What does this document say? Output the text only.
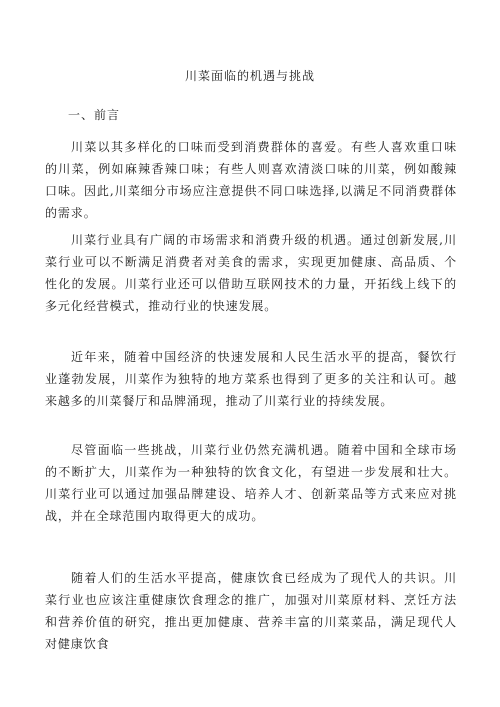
川菜面临的机遇与挑战
一、前言

川菜以其多样化的口味而受到消费群体的喜爱。有些人喜欢重口味的川菜，例如麻辣香辣口味；有些人则喜欢清淡口味的川菜，例如酸辣口味。因此,川菜细分市场应注意提供不同口味选择,以满足不同消费群体的需求。

川菜行业具有广阔的市场需求和消费升级的机遇。通过创新发展,川菜行业可以不断满足消费者对美食的需求，实现更加健康、高品质、个性化的发展。川菜行业还可以借助互联网技术的力量，开拓线上线下的多元化经营模式，推动行业的快速发展。

近年来，随着中国经济的快速发展和人民生活水平的提高，餐饮行业蓬勃发展，川菜作为独特的地方菜系也得到了更多的关注和认可。越来越多的川菜餐厅和品牌涌现，推动了川菜行业的持续发展。

尽管面临一些挑战，川菜行业仍然充满机遇。随着中国和全球市场的不断扩大，川菜作为一种独特的饮食文化，有望进一步发展和壮大。川菜行业可以通过加强品牌建设、培养人才、创新菜品等方式来应对挑战，并在全球范围内取得更大的成功。

随着人们的生活水平提高，健康饮食已经成为了现代人的共识。川菜行业也应该注重健康饮食理念的推广，加强对川菜原材料、烹饪方法和营养价值的研究，推出更加健康、营养丰富的川菜菜品，满足现代人对健康饮食
